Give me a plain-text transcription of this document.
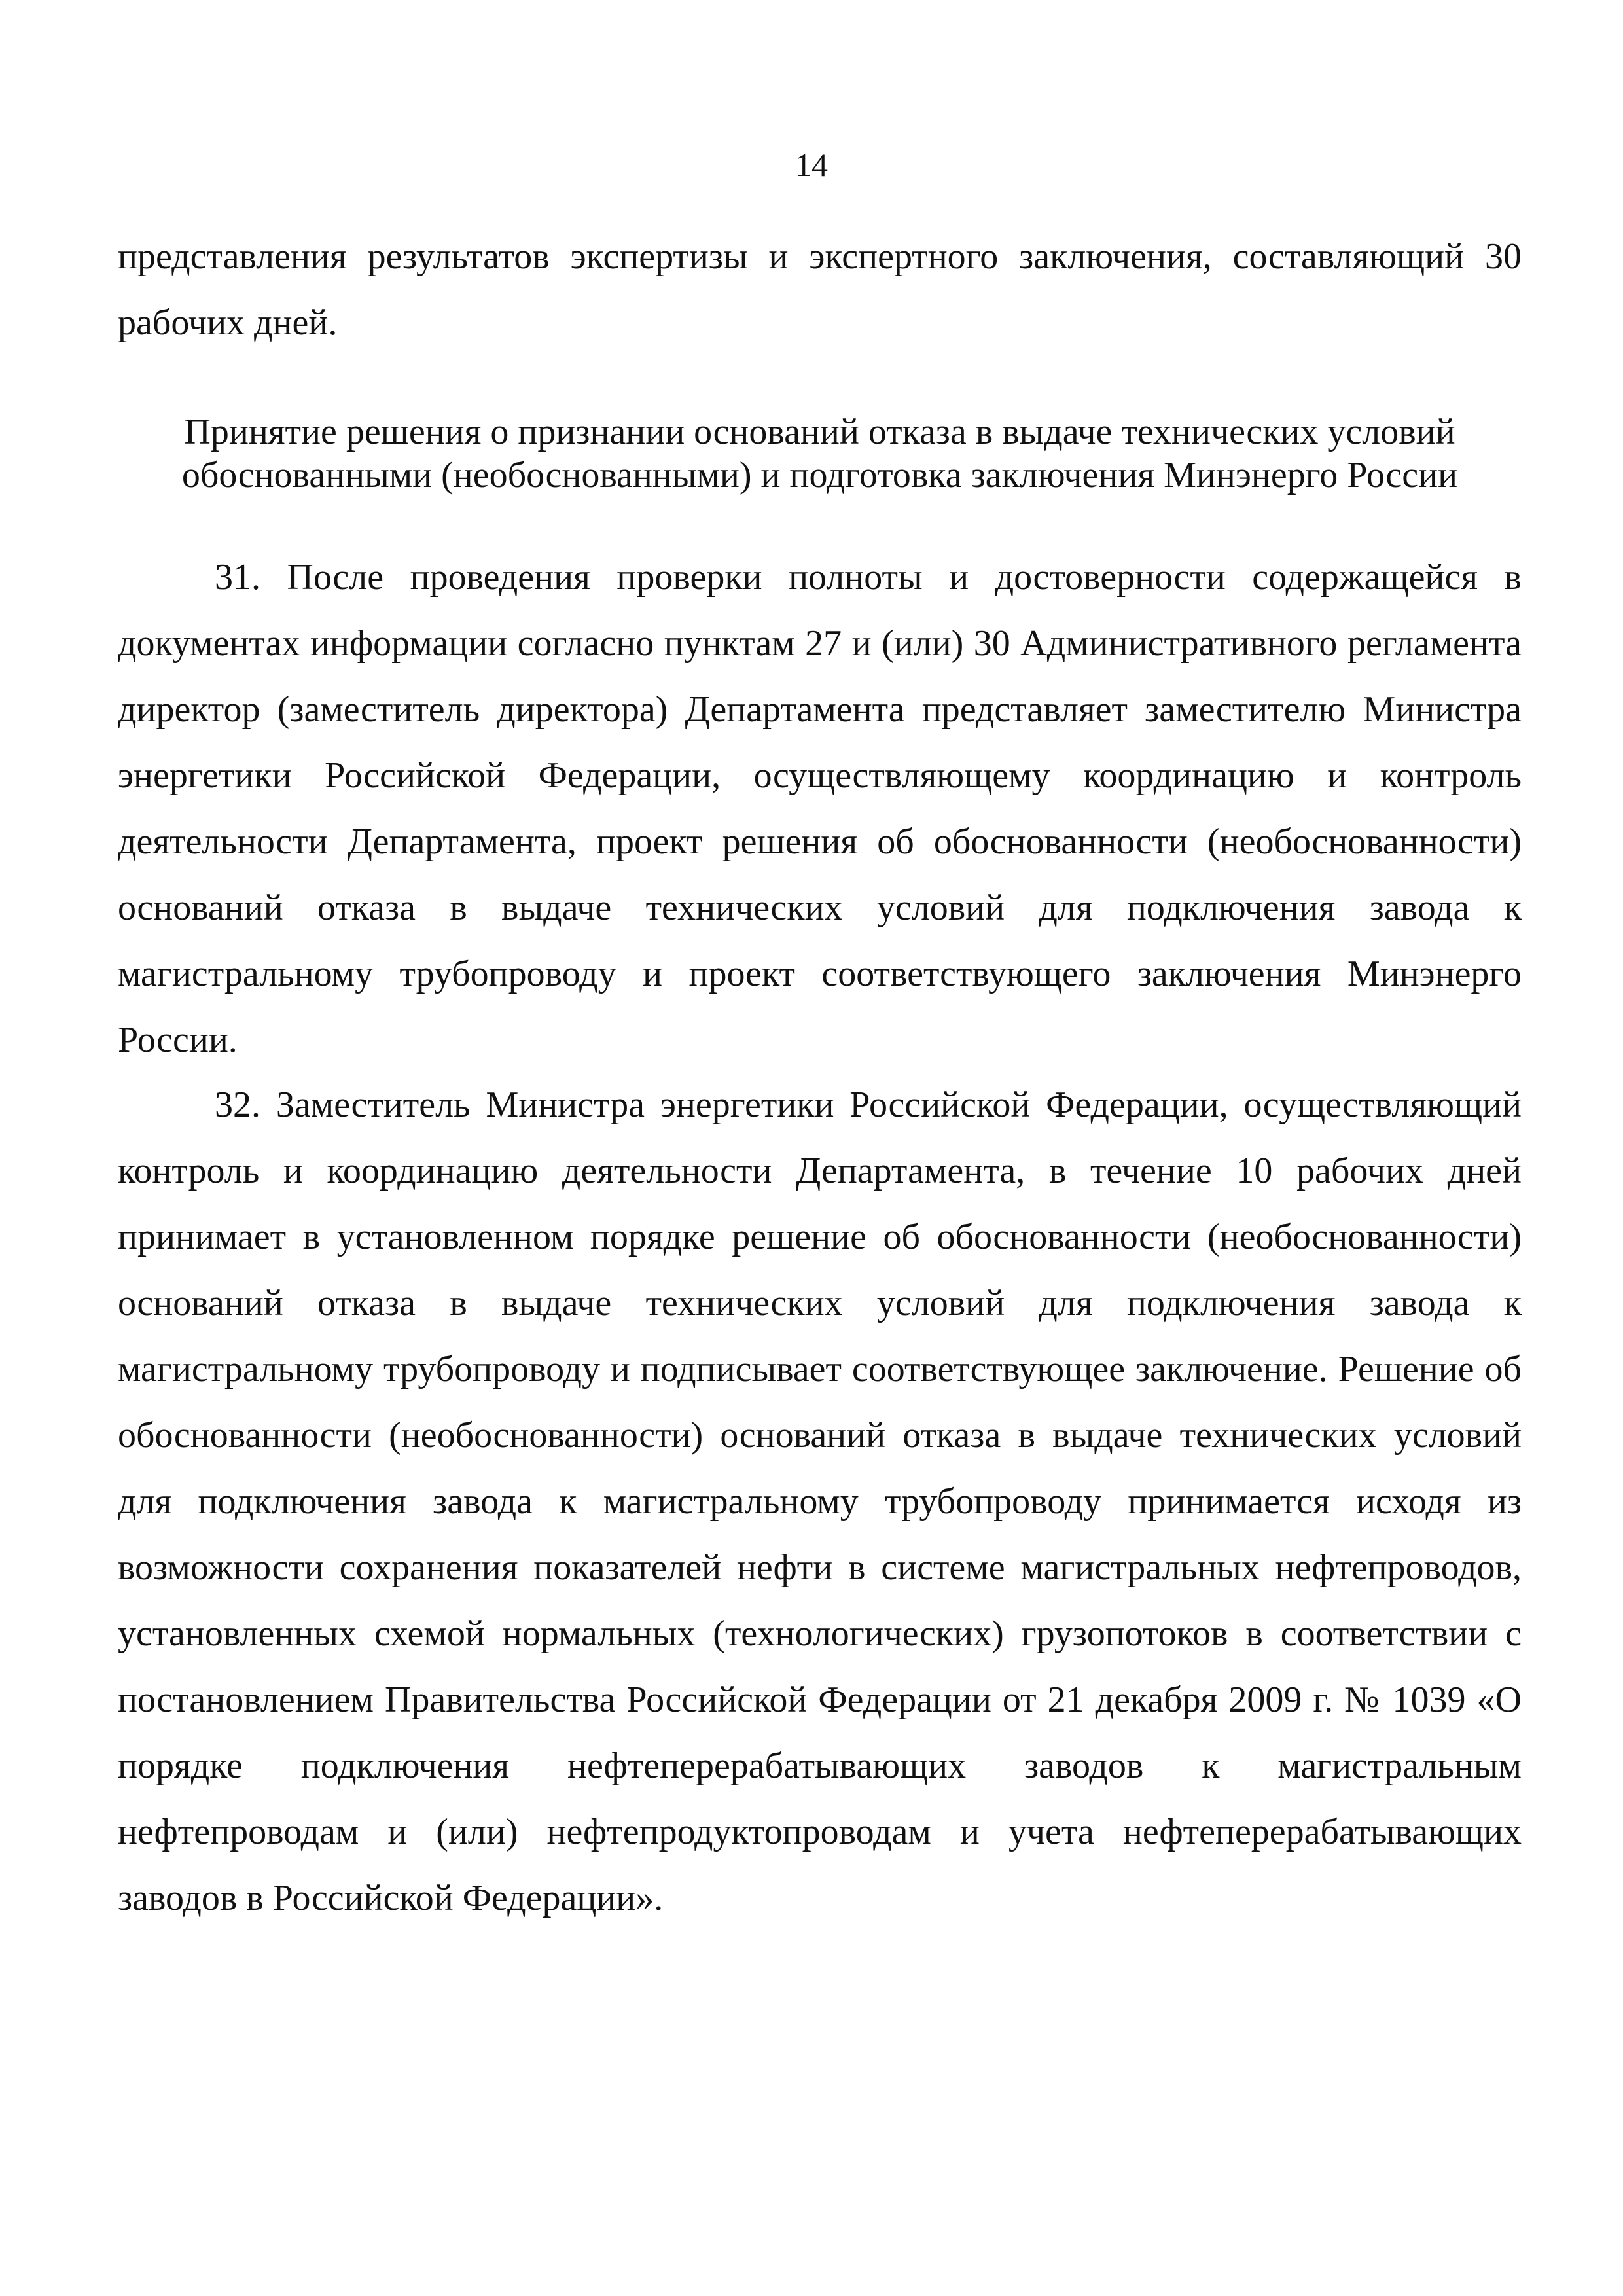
14
представления результатов экспертизы и экспертного заключения, составляющий 30 рабочих дней.
Принятие решения о признании оснований отказа в выдаче технических условий
обоснованными (необоснованными) и подготовка заключения Минэнерго России
31. После проведения проверки полноты и достоверности содержащейся в документах информации согласно пунктам 27 и (или) 30 Административного регламента директор (заместитель директора) Департамента представляет заместителю Министра энергетики Российской Федерации, осуществляющему координацию и контроль деятельности Департамента, проект решения об обоснованности (необоснованности) оснований отказа в выдаче технических условий для подключения завода к магистральному трубопроводу и проект соответствующего заключения Минэнерго России.
32. Заместитель Министра энергетики Российской Федерации, осуществляющий контроль и координацию деятельности Департамента, в течение 10 рабочих дней принимает в установленном порядке решение об обоснованности (необоснованности) оснований отказа в выдаче технических условий для подключения завода к магистральному трубопроводу и подписывает соответствующее заключение. Решение об обоснованности (необоснованности) оснований отказа в выдаче технических условий для подключения завода к магистральному трубопроводу принимается исходя из возможности сохранения показателей нефти в системе магистральных нефтепроводов, установленных схемой нормальных (технологических) грузопотоков в соответствии с постановлением Правительства Российской Федерации от 21 декабря 2009 г. № 1039 «О порядке подключения нефтеперерабатывающих заводов к магистральным нефтепроводам и (или) нефтепродуктопроводам и учета нефтеперерабатывающих заводов в Российской Федерации».
